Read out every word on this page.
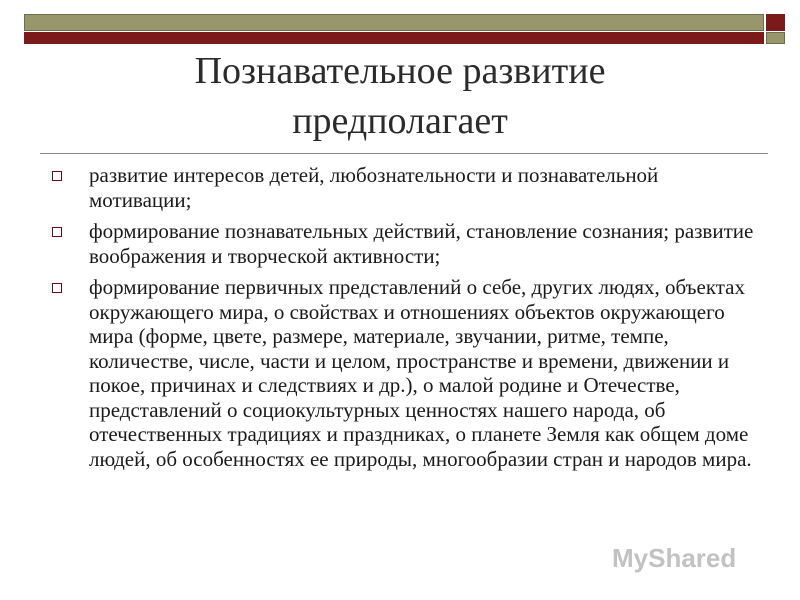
Познавательное развитие
предполагает
развитие интересов детей, любознательности и познавательной мотивации;
формирование познавательных действий, становление сознания; развитие воображения и творческой активности;
формирование первичных представлений о себе, других людях, объектах окружающего мира, о свойствах и отношениях объектов окружающего мира (форме, цвете, размере, материале, звучании, ритме, темпе, количестве, числе, части и целом, пространстве и времени, движении и покое, причинах и следствиях и др.), о малой родине и Отечестве, представлений о социокультурных ценностях нашего народа, об отечественных традициях и праздниках, о планете Земля как общем доме людей, об особенностях ее природы, многообразии стран и народов мира.
MyShared
